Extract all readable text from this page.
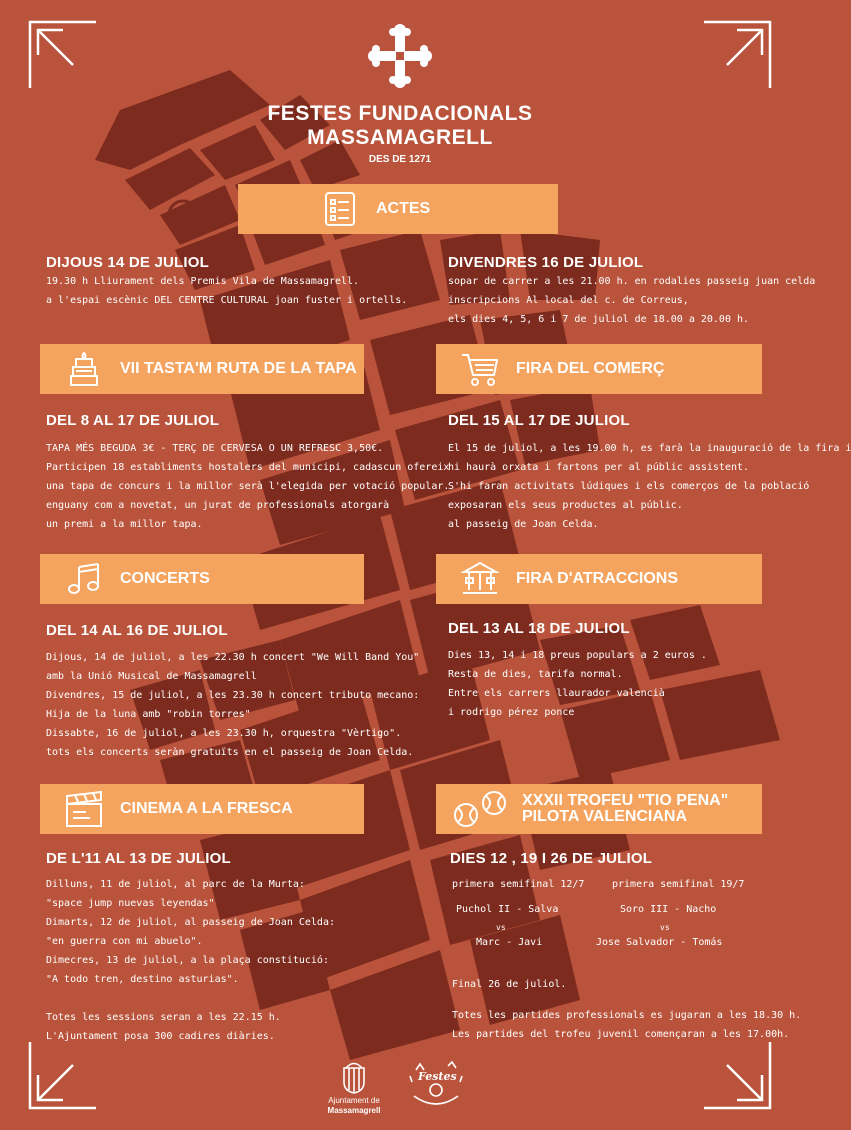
FESTES FUNDACIONALS
MASSAMAGRELL
DES DE 1271
ACTES
DIJOUS 14 DE JULIOL
19.30 h Lliurament dels Premis Vila de Massamagrell.
a l'espai escènic DEL CENTRE CULTURAL joan fuster i ortells.
DIVENDRES 16 DE JULIOL
sopar de carrer a les 21.00 h. en rodalies passeig juan celda
inscripcions Al local del c. de Correus,
els dies 4, 5, 6 i 7 de juliol de 18.00 a 20.00 h.
VII TASTA'M RUTA DE LA TAPA
DEL 8 AL 17 DE JULIOL
TAPA MÉS BEGUDA 3€ - TERÇ DE CERVESA O UN REFRESC 3,50€.
Participen 18 establiments hostalers del municipi, cadascun ofereix
una tapa de concurs i la millor serà l'elegida per votació popular.
enguany com a novetat, un jurat de professionals atorgarà
un premi a la millor tapa.
FIRA DEL COMERÇ
DEL 15 AL 17 DE JULIOL
El 15 de juliol, a les 19.00 h, es farà la inauguració de la fira i
hi haurà orxata i fartons per al públic assistent.
S'hi faran activitats lúdiques i els comerços de la població
exposaran els seus productes al públic.
al passeig de Joan Celda.
CONCERTS
DEL 14 AL 16 DE JULIOL
Dijous, 14 de juliol, a les 22.30 h concert "We Will Band You"
amb la Unió Musical de Massamagrell
Divendres, 15 de juliol, a les 23.30 h concert tributo mecano:
Hija de la luna amb "robin torres"
Dissabte, 16 de juliol, a les 23.30 h, orquestra "Vèrtigo".
tots els concerts seràn gratuïts en el passeig de Joan Celda.
FIRA D'ATRACCIONS
DEL 13 AL 18 DE JULIOL
Dies 13, 14 i 18 preus populars a 2 euros .
Resta de dies, tarifa normal.
Entre els carrers llaurador valencià
i rodrigo pérez ponce
CINEMA A LA FRESCA
DE L'11 AL 13 DE JULIOL
Dilluns, 11 de juliol, al parc de la Murta:
"space jump nuevas leyendas"
Dimarts, 12 de juliol, al passeig de Joan Celda:
"en guerra con mi abuelo".
Dimecres, 13 de juliol, a la plaça constitució:
"A todo tren, destino asturias".
Totes les sessions seran a les 22.15 h.
L'Ajuntament posa 300 cadires diàries.
XXXII TROFEU "TIO PENA"
PILOTA VALENCIANA
DIES 12 , 19 I 26 DE JULIOL
primera semifinal 12/7
Puchol II - Salva
vs
Marc - Javi
primera semifinal 19/7
Soro III - Nacho
vs
Jose Salvador - Tomás
Final 26 de juliol.
Totes les partides professionals es jugaran a les 18.30 h.
Les partides del trofeu juvenil començaran a les 17.00h.
Ajuntament de
Massamagrell
Festes
